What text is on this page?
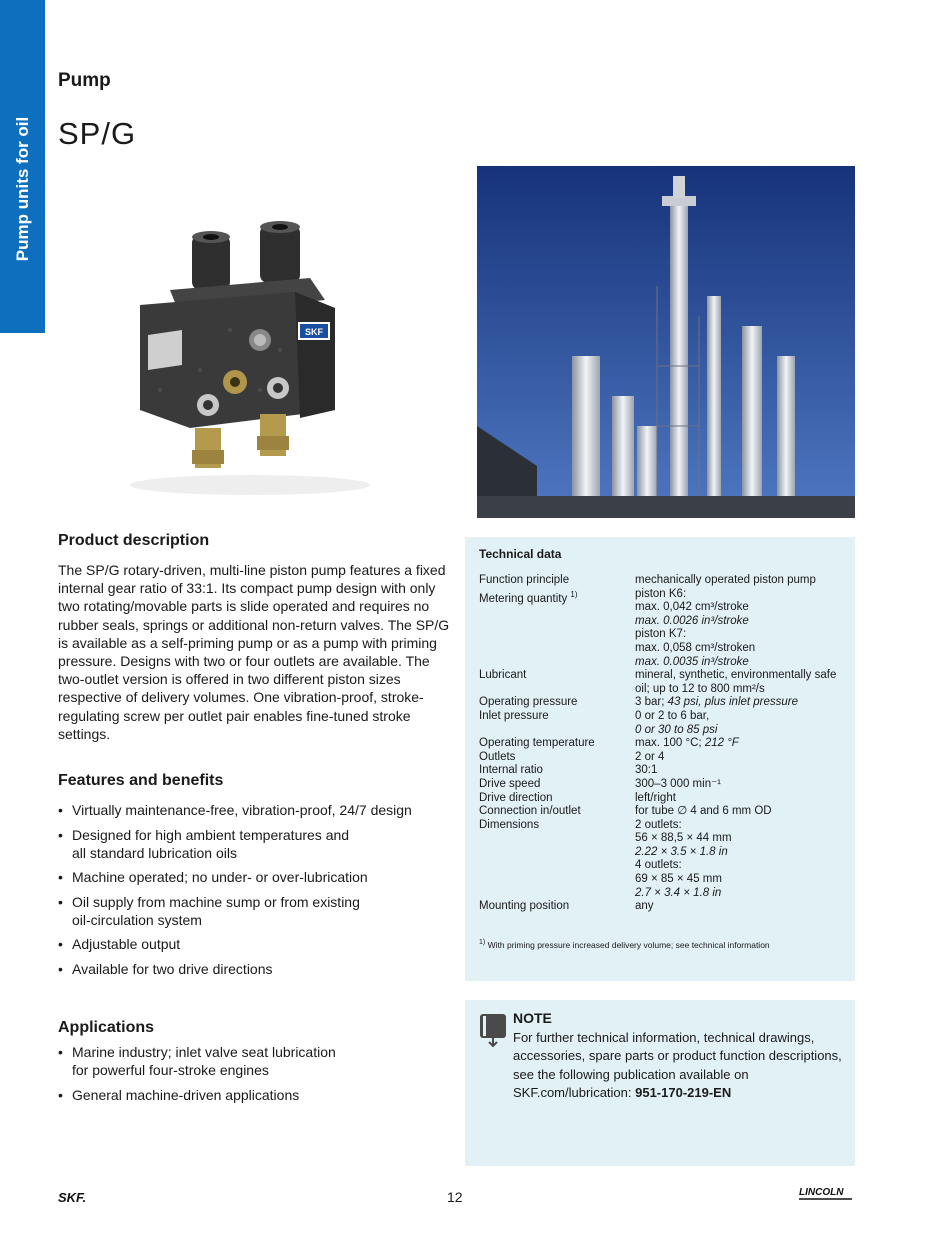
Pump units for oil
Pump
SP/G
SKF
Product description

The SP/G rotary-driven, multi-line piston pump features a fixed internal gear ratio of 33:1. Its compact pump design with only two rotating/movable parts is slide operated and requires no rubber seals, springs or additional non-return valves. The SP/G is available as a self-priming pump or as a pump with priming pressure. Designs with two or four outlets are available. The two-outlet version is offered in two different piston sizes respective of delivery volumes. One vibration-proof, stroke-regulating screw per outlet pair enables fine-tuned stroke settings.

Features and benefits
• Virtually maintenance-free, vibration-proof, 24/7 design
• Designed for high ambient temperatures and all standard lubrication oils
• Machine operated; no under- or over-lubrication
• Oil supply from machine sump or from existing oil-circulation system
• Adjustable output
• Available for two drive directions
Applications
• Marine industry; inlet valve seat lubrication for powerful four-stroke engines
• General machine-driven applications
Technical data
Function principle	mechanically operated piston pump
Metering quantity $^{1)}$	piston K6:
max. 0,042 cm³/stroke
max. 0.0026 in³/stroke
piston K7:
max. 0,058 cm³/stroken
max. 0.0035 in³/stroke
Lubricant	mineral, synthetic, environmentally safe oil; up to 12 to 800 mm²/s
Operating pressure	3 bar; 43 psi, plus inlet pressure
Inlet pressure	0 or 2 to 6 bar,
0 or 30 to 85 psi
Operating temperature	max. 100 °C; 212 °F
Outlets	2 or 4
Internal ratio	30:1
Drive speed	300–3 000 min⁻¹
Drive direction	left/right
Connection in/outlet	for tube ∅ 4 and 6 mm OD
Dimensions	2 outlets:
56 × 88,5 × 44 mm
2.22 × 3.5 × 1.8 in
4 outlets:
69 × 85 × 45 mm
2.7 × 3.4 × 1.8 in
Mounting position	any
$^{1)}$ With priming pressure increased delivery volume; see technical information
NOTE
For further technical information, technical drawings, accessories, spare parts or product function descriptions, see the following publication available on SKF.com/lubrication: 951-170-219-EN
SKF.	12	LINCOLN
